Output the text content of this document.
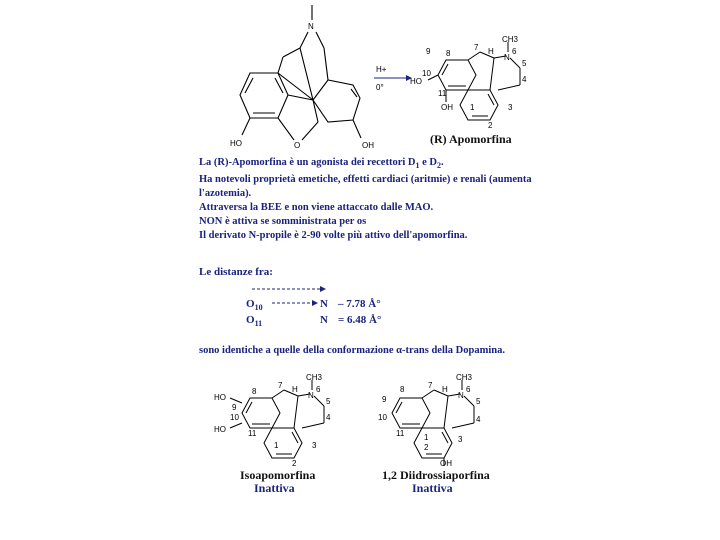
N
HO	O	OH
H+
0°
CH3
N
H
HO
OH
6
7
8
9
10
11
1
2
3
4
5
(R) Apomorfina
La (R)-Apomorfina è un agonista dei recettori $D_1$ e $D_2$.
Ha notevoli proprietà emetiche, effetti cardiaci (aritmie) e renali (aumenta
l'azotemia).
Attraversa la BEE e non viene attaccato dalle MAO.
NON è attiva se somministrata per os
Il derivato N-propile è 2-90 volte più attivo dell'apomorfina.
Le distanze fra:
$O_{10}$	N – 7.78 Å°
$O_{11}$	N = 6.48 Å°
sono identiche a quelle della conformazione α-trans della Dopamina.
CH3
N
H
HO
HO
6
7
8
9
10
11
1
2
3
4
5
Isoapomorfina
Inattiva
CH3
N
H 6
7
8
9
10
11 1
2
3
4
5
OH
1,2 Diidrossiaporfina
Inattiva
